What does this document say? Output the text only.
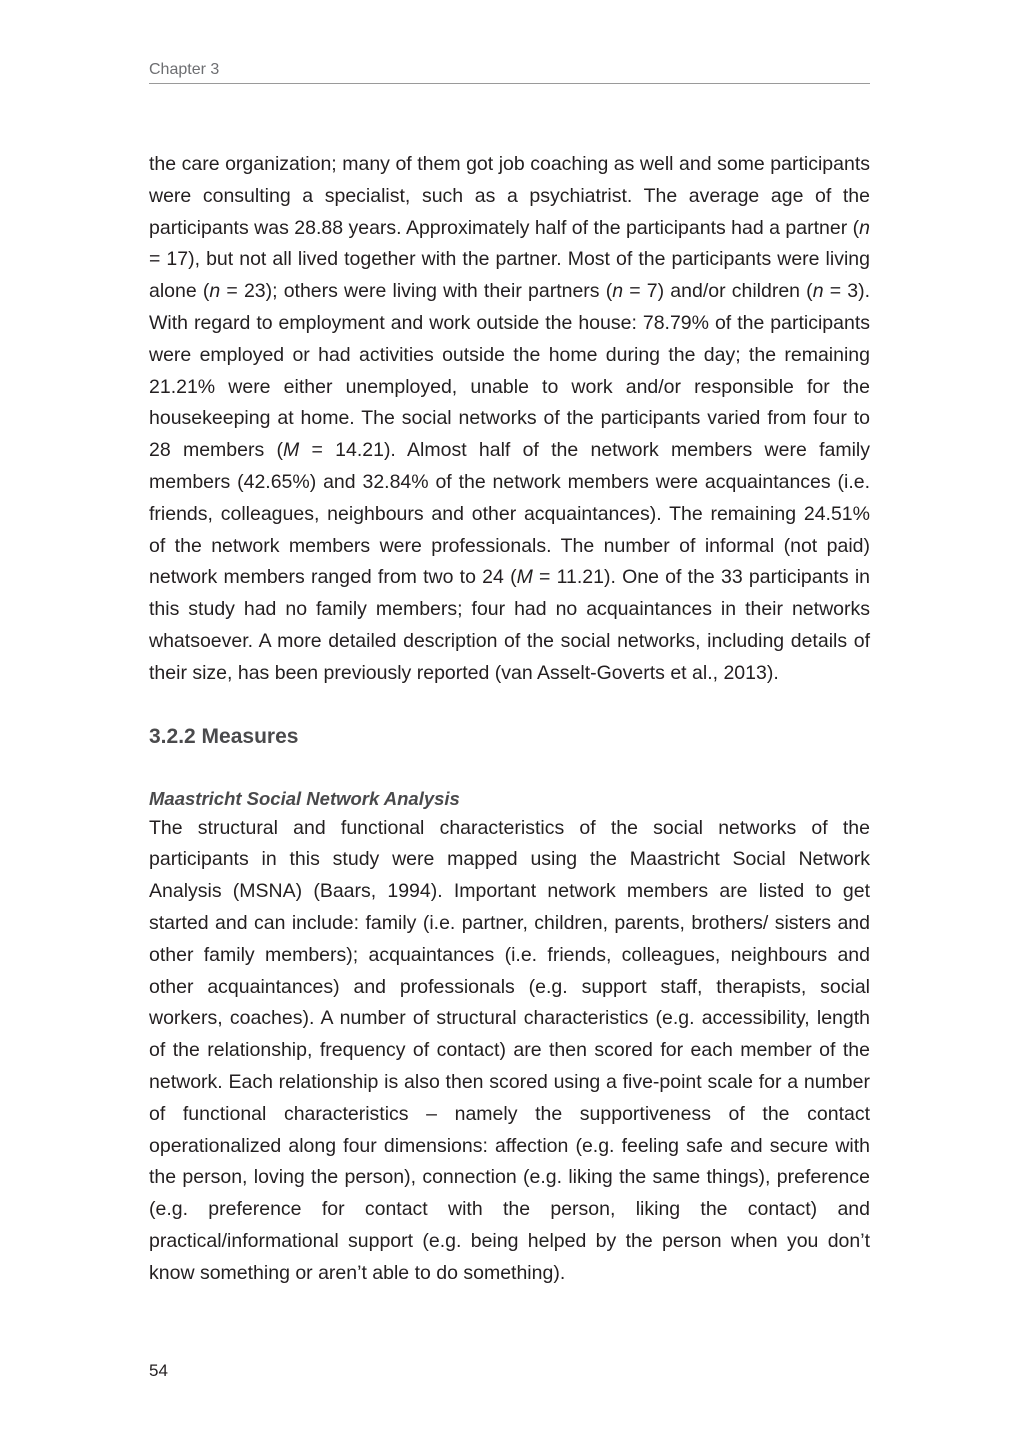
Chapter 3

the care organization; many of them got job coaching as well and some participants were consulting a specialist, such as a psychiatrist. The average age of the participants was 28.88 years. Approximately half of the participants had a partner (n = 17), but not all lived together with the partner. Most of the participants were living alone (n = 23); others were living with their partners (n = 7) and/or children (n = 3). With regard to employment and work outside the house: 78.79% of the participants were employed or had activities outside the home during the day; the remaining 21.21% were either unemployed, unable to work and/or responsible for the housekeeping at home. The social networks of the participants varied from four to 28 members (M = 14.21). Almost half of the network members were family members (42.65%) and 32.84% of the network members were acquaintances (i.e. friends, colleagues, neighbours and other acquaintances). The remaining 24.51% of the network members were professionals. The number of informal (not paid) network members ranged from two to 24 (M = 11.21). One of the 33 participants in this study had no family members; four had no acquaintances in their networks whatsoever. A more detailed description of the social networks, including details of their size, has been previously reported (van Asselt-Goverts et al., 2013).

3.2.2 Measures
Maastricht Social Network Analysis

The structural and functional characteristics of the social networks of the participants in this study were mapped using the Maastricht Social Network Analysis (MSNA) (Baars, 1994). Important network members are listed to get started and can include: family (i.e. partner, children, parents, brothers/ sisters and other family members); acquaintances (i.e. friends, colleagues, neighbours and other acquaintances) and professionals (e.g. support staff, therapists, social workers, coaches). A number of structural characteristics (e.g. accessibility, length of the relationship, frequency of contact) are then scored for each member of the network. Each relationship is also then scored using a five-point scale for a number of functional characteristics – namely the supportiveness of the contact operationalized along four dimensions: affection (e.g. feeling safe and secure with the person, loving the person), connection (e.g. liking the same things), preference (e.g. preference for contact with the person, liking the contact) and practical/informational support (e.g. being helped by the person when you don’t know something or aren’t able to do something).

54
